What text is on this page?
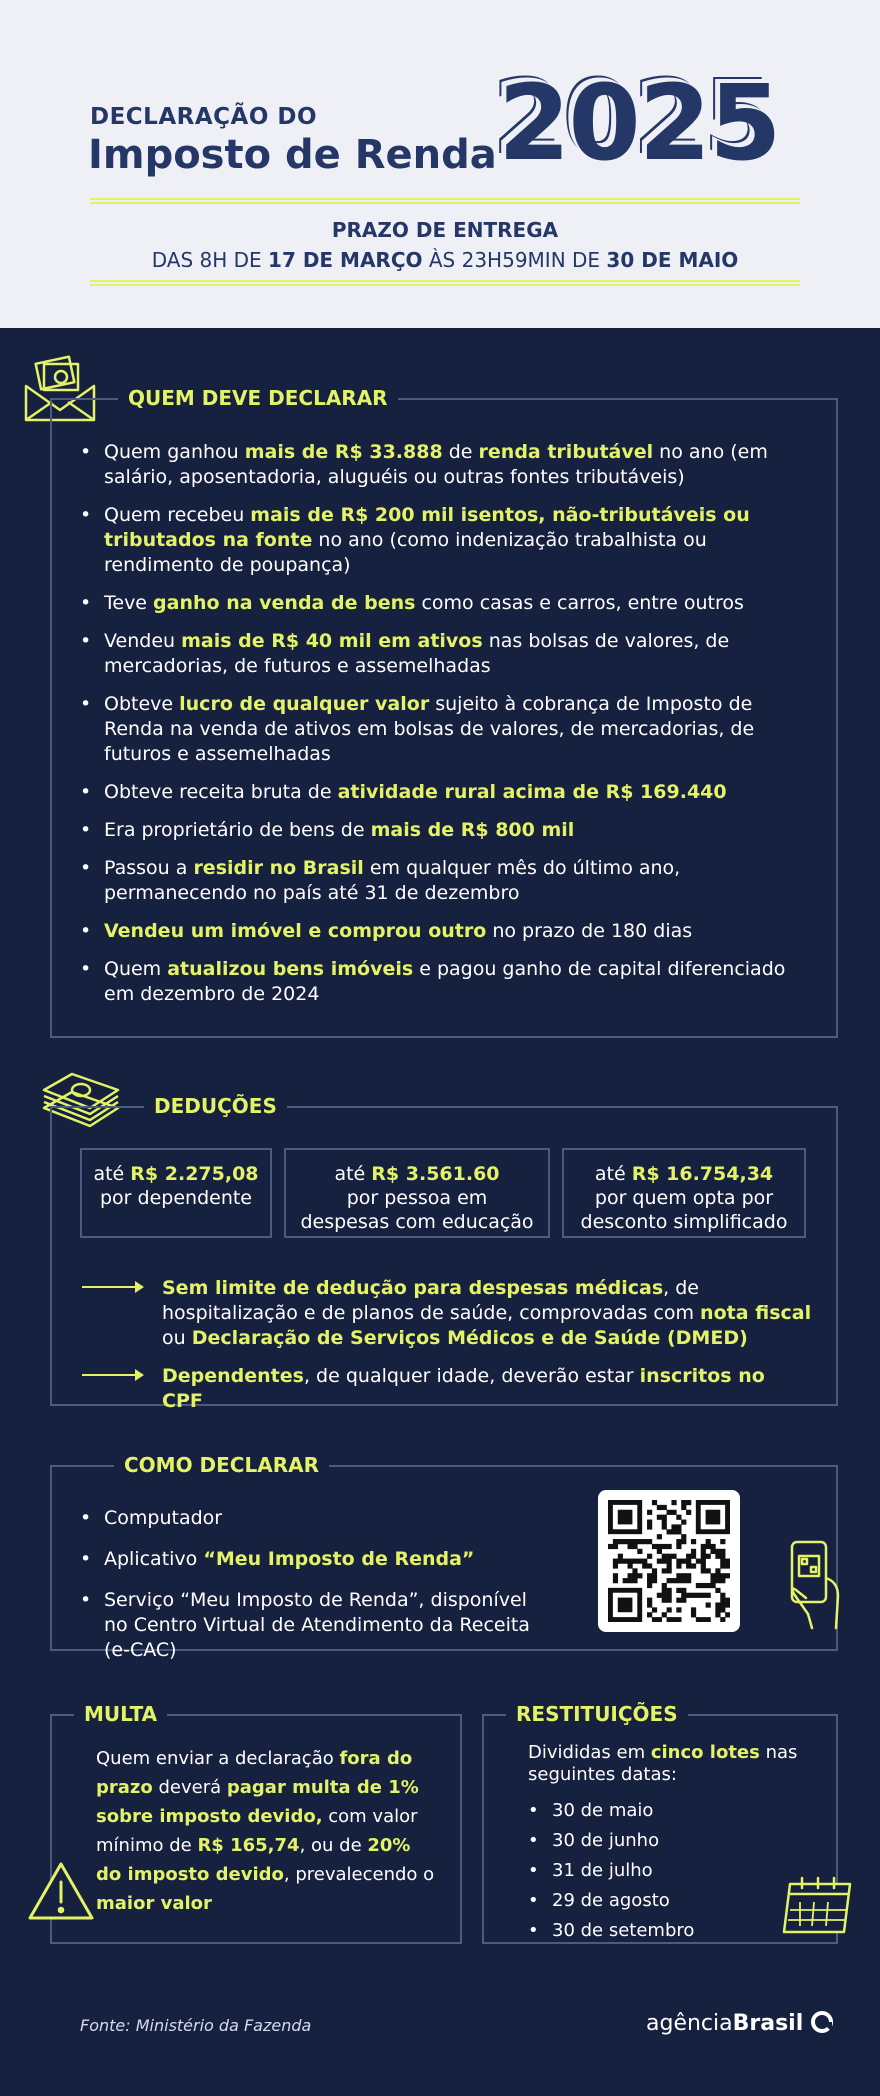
DECLARAÇÃO DO
Imposto de Renda 2025
PRAZO DE ENTREGA
DAS 8H DE 17 DE MARÇO ÀS 23H59MIN DE 30 DE MAIO
QUEM DEVE DECLARAR
• Quem ganhou mais de R$ 33.888 de renda tributável no ano (em salário, aposentadoria, aluguéis ou outras fontes tributáveis)
• Quem recebeu mais de R$ 200 mil isentos, não-tributáveis ou tributados na fonte no ano (como indenização trabalhista ou rendimento de poupança)
• Teve ganho na venda de bens como casas e carros, entre outros
• Vendeu mais de R$ 40 mil em ativos nas bolsas de valores, de mercadorias, de futuros e assemelhadas
• Obteve lucro de qualquer valor sujeito à cobrança de Imposto de Renda na venda de ativos em bolsas de valores, de mercadorias, de futuros e assemelhadas
• Obteve receita bruta de atividade rural acima de R$ 169.440
• Era proprietário de bens de mais de R$ 800 mil
• Passou a residir no Brasil em qualquer mês do último ano, permanecendo no país até 31 de dezembro
• Vendeu um imóvel e comprou outro no prazo de 180 dias
• Quem atualizou bens imóveis e pagou ganho de capital diferenciado em dezembro de 2024
DEDUÇÕES
até R$ 2.275,08
por dependente
até R$ 3.561.60
por pessoa em
despesas com educação
até R$ 16.754,34
por quem opta por
desconto simplificado
Sem limite de dedução para despesas médicas, de hospitalização e de planos de saúde, comprovadas com nota fiscal ou Declaração de Serviços Médicos e de Saúde (DMED)
Dependentes, de qualquer idade, deverão estar inscritos no CPF
COMO DECLARAR
• Computador
• Aplicativo “Meu Imposto de Renda”
• Serviço “Meu Imposto de Renda”, disponível no Centro Virtual de Atendimento da Receita (e-CAC)
MULTA
Quem enviar a declaração fora do prazo deverá pagar multa de 1% sobre imposto devido, com valor mínimo de R$ 165,74, ou de 20% do imposto devido, prevalecendo o maior valor
RESTITUIÇÕES
Divididas em cinco lotes nas seguintes datas:
• 30 de maio
• 30 de junho
• 31 de julho
• 29 de agosto
• 30 de setembro
Fonte: Ministério da Fazenda	agênciaBrasil
